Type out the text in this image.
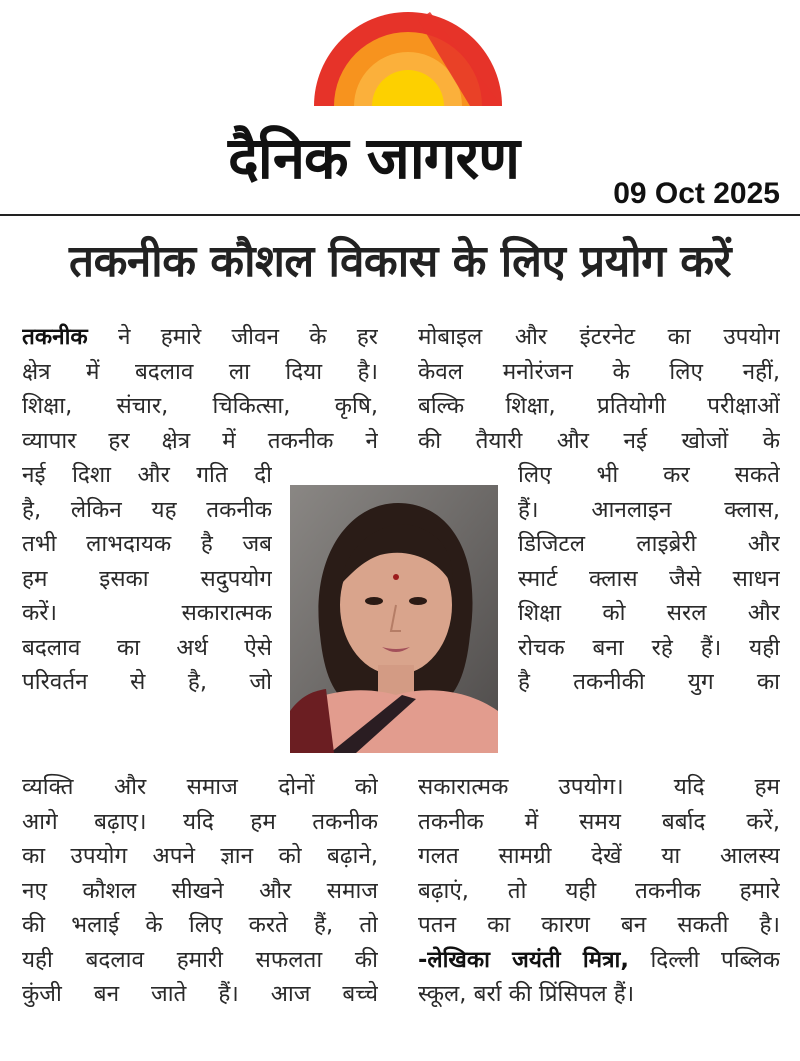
दैनिक जागरण
09 Oct 2025
तकनीक कौशल विकास के लिए प्रयोग करें
तकनीक ने हमारे जीवन के हर
क्षेत्र में बदलाव ला दिया है।
शिक्षा, संचार, चिकित्सा, कृषि,
व्यापार हर क्षेत्र में तकनीक ने
नई दिशा और गति दी
है, लेकिन यह तकनीक
तभी लाभदायक है जब
हम इसका सदुपयोग
करें। सकारात्मक
बदलाव का अर्थ ऐसे
परिवर्तन से है, जो
व्यक्ति और समाज दोनों को
आगे बढ़ाए। यदि हम तकनीक
का उपयोग अपने ज्ञान को बढ़ाने,
नए कौशल सीखने और समाज
की भलाई के लिए करते हैं, तो
यही बदलाव हमारी सफलता की
कुंजी बन जाते हैं। आज बच्चे
मोबाइल और इंटरनेट का उपयोग
केवल मनोरंजन के लिए नहीं,
बल्कि शिक्षा, प्रतियोगी परीक्षाओं
की तैयारी और नई खोजों के
लिए भी कर सकते
हैं। आनलाइन क्लास,
डिजिटल लाइब्रेरी और
स्मार्ट क्लास जैसे साधन
शिक्षा को सरल और
रोचक बना रहे हैं। यही
है तकनीकी युग का
सकारात्मक उपयोग। यदि हम
तकनीक में समय बर्बाद करें,
गलत सामग्री देखें या आलस्य
बढ़ाएं, तो यही तकनीक हमारे
पतन का कारण बन सकती है।
-लेखिका जयंती मित्रा, दिल्ली पब्लिक
स्कूल, बर्रा की प्रिंसिपल हैं।
